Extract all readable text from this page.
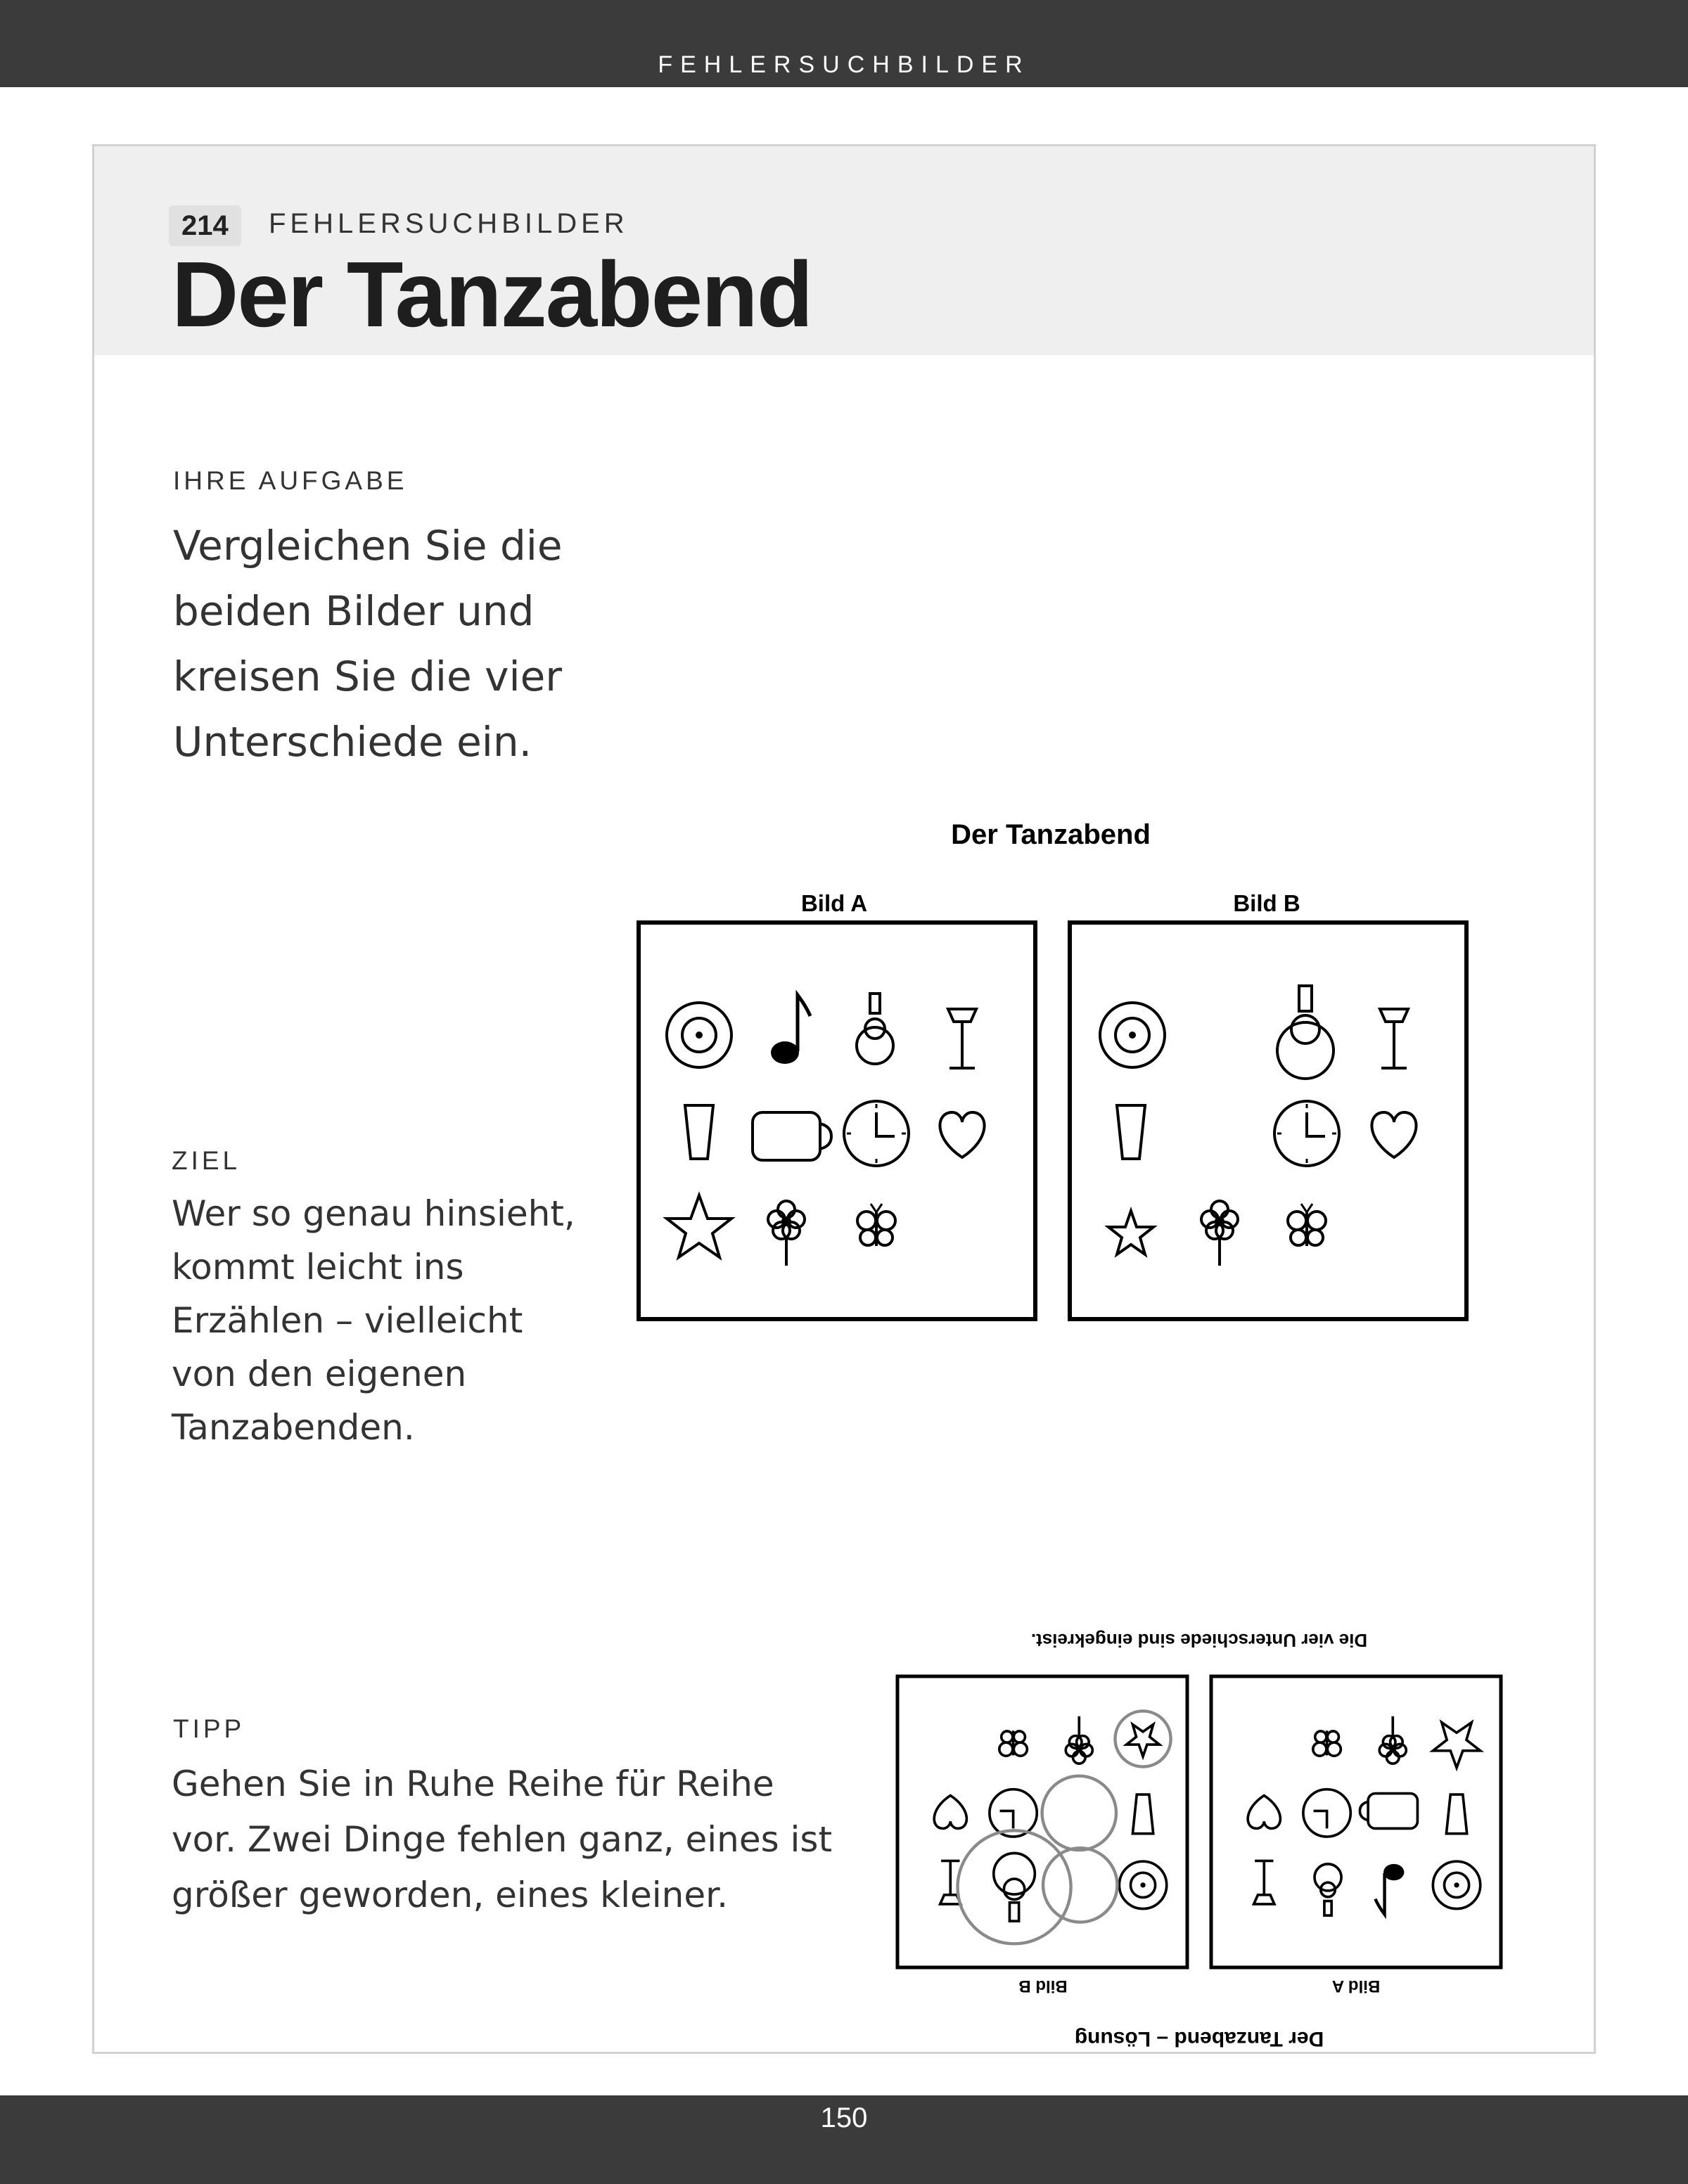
FEHLERSUCHBILDER
214	FEHLERSUCHBILDER
Der Tanzabend
IHRE AUFGABE
Vergleichen Sie die
beiden Bilder und
kreisen Sie die vier
Unterschiede ein.
ZIEL
Wer so genau hinsieht,
kommt leicht ins
Erzählen – vielleicht
von den eigenen
Tanzabenden.
TIPP
Gehen Sie in Ruhe Reihe für Reihe
vor. Zwei Dinge fehlen ganz, eines ist
größer geworden, eines kleiner.
Der Tanzabend
Bild A	Bild B
Der Tanzabend – Lösung
Bild A
Bild B
Die vier Unterschiede sind eingekreist.
150
